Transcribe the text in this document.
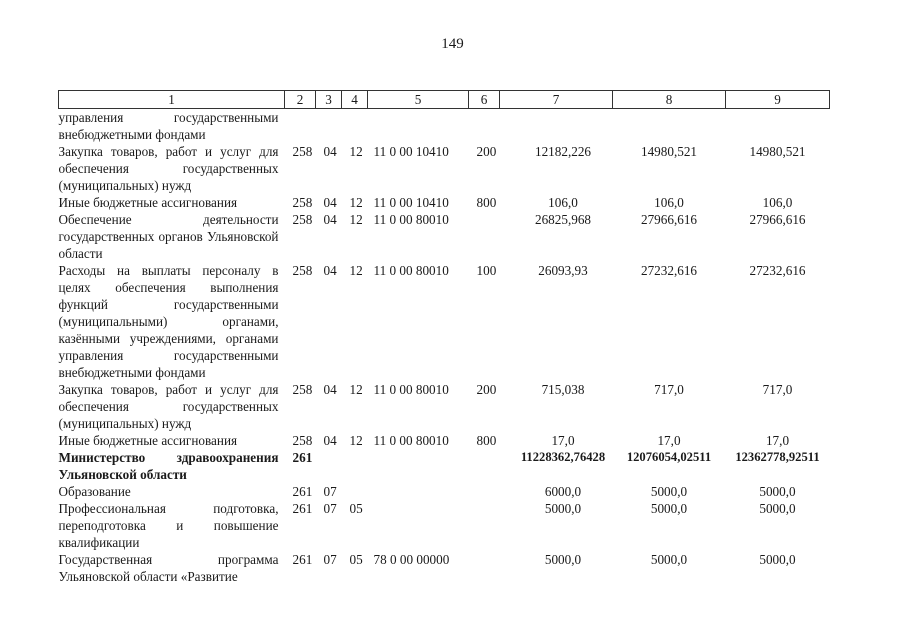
149
1	2	3	4	5	6	7	8	9
управления государственными внебюджетными фондами								
Закупка товаров, работ и услуг для обеспечения государственных (муниципальных) нужд	258	04	12	11 0 00 10410	200	12182,226	14980,521	14980,521
Иные бюджетные ассигнования	258	04	12	11 0 00 10410	800	106,0	106,0	106,0
Обеспечение деятельности государственных органов Ульяновской области	258	04	12	11 0 00 80010		26825,968	27966,616	27966,616
Расходы на выплаты персоналу в целях обеспечения выполнения функций государственными (муниципальными) органами, казёнными учреждениями, органами управления государственными внебюджетными фондами	258	04	12	11 0 00 80010	100	26093,93	27232,616	27232,616
Закупка товаров, работ и услуг для обеспечения государственных (муниципальных) нужд	258	04	12	11 0 00 80010	200	715,038	717,0	717,0
Иные бюджетные ассигнования	258	04	12	11 0 00 80010	800	17,0	17,0	17,0
Министерство здравоохранения Ульяновской области	261					11228362,76428	12076054,02511	12362778,92511
Образование	261	07				6000,0	5000,0	5000,0
Профессиональная подготовка, переподготовка и повышение квалификации	261	07	05			5000,0	5000,0	5000,0
Государственная программа Ульяновской области «Развитие	261	07	05	78 0 00 00000		5000,0	5000,0	5000,0
